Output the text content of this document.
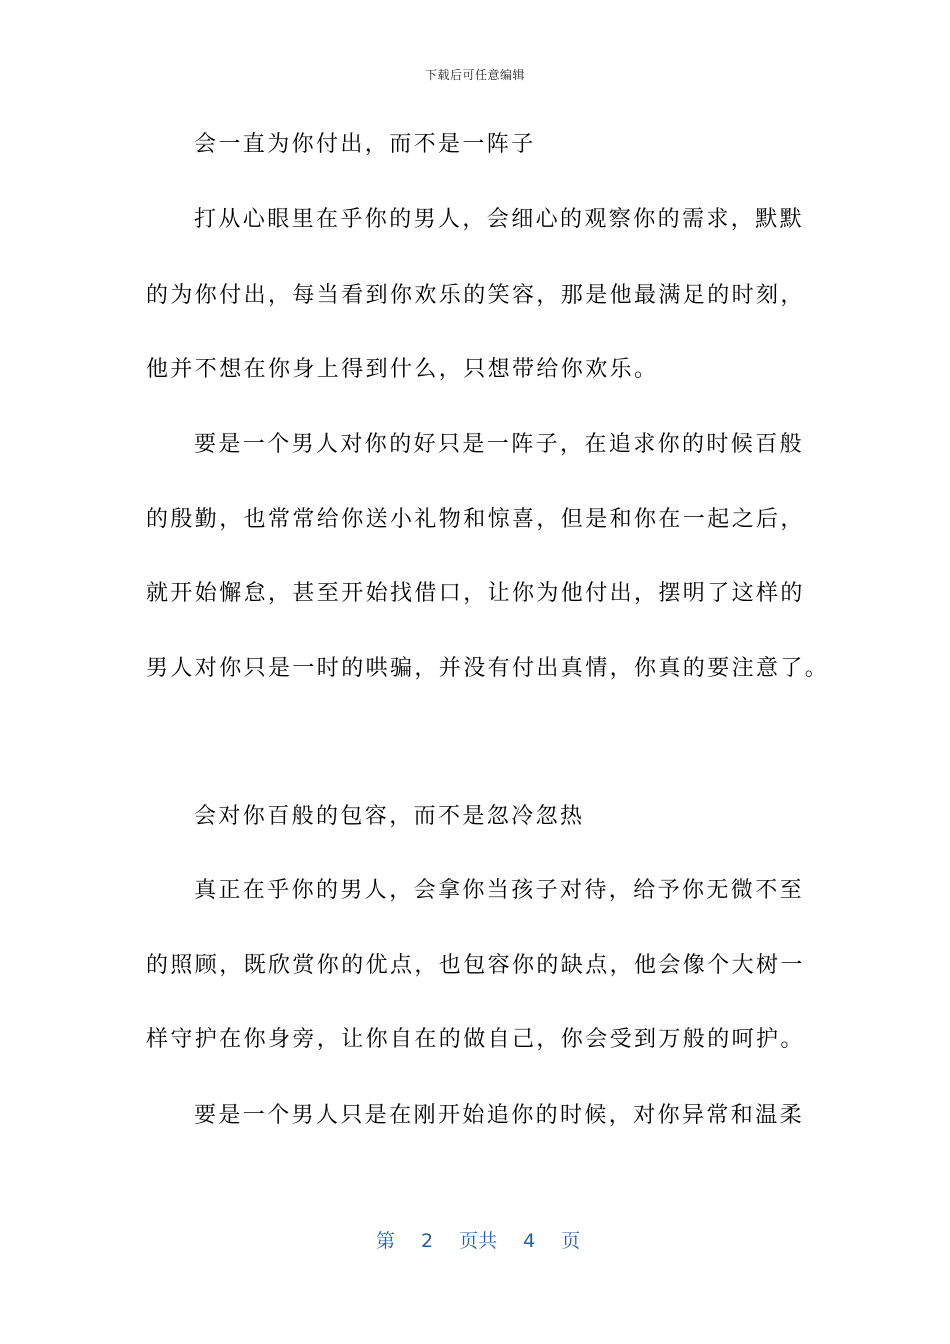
下载后可任意编辑
会一直为你付出，而不是一阵子
打从心眼里在乎你的男人，会细心的观察你的需求，默默
的为你付出，每当看到你欢乐的笑容，那是他最满足的时刻，
他并不想在你身上得到什么，只想带给你欢乐。
要是一个男人对你的好只是一阵子，在追求你的时候百般
的殷勤，也常常给你送小礼物和惊喜，但是和你在一起之后，
就开始懈怠，甚至开始找借口，让你为他付出，摆明了这样的
男人对你只是一时的哄骗，并没有付出真情，你真的要注意了。
会对你百般的包容，而不是忽冷忽热
真正在乎你的男人，会拿你当孩子对待，给予你无微不至
的照顾，既欣赏你的优点，也包容你的缺点，他会像个大树一
样守护在你身旁，让你自在的做自己，你会受到万般的呵护。
要是一个男人只是在刚开始追你的时候，对你异常和温柔
第 2 页共 4 页
